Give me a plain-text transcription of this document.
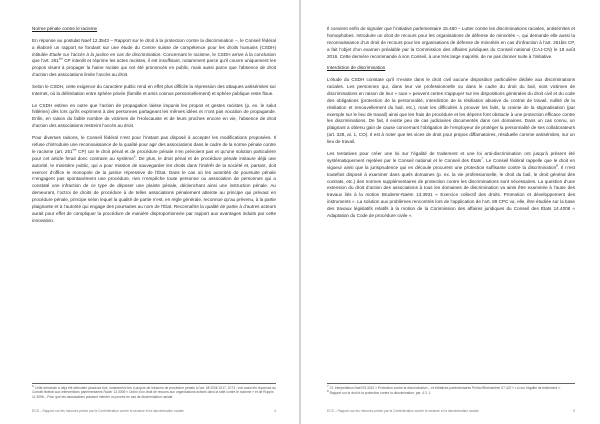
Norme pénale contre le racisme

En réponse au postulat Naef 12.3543 – Rapport sur le droit à la protection contre la discrimination –, le Conseil fédéral a élaboré un rapport se fondant sur une étude du Centre suisse de compétence pour les droits humains (CSDH) intitulée Etude sur l’accès à la justice en cas de discrimination. Concernant le racisme, le CSDH arrive à la conclusion que l’art. $261^{bis}$ CP interdit et réprime les actes racistes, il est insuffisant, notamment parce qu’il couvre uniquement les propos visant à propager la haine raciale qui ont été prononcés en public, mais aussi parce que l’absence de droit d’action des associations limite l’accès au droit.

Selon le CSDH, cette exigence du caractère public rend en effet plus difficile la répression des attaques antisémites sur Internet, où la délimitation entre sphère privée (famille et amis connus personnellement) et sphère publique reste floue.

Le CSDH estime en outre que l’action de propagation laisse impunis les propos et gestes racistes (p. ex. le salut hitlérien) dès lors qu’ils expriment à des personnes partageant les mêmes idées et n’ont pas vocation de propagande. Enfin, en raison du faible nombre de victimes de l’Holocauste et de leurs proches encore en vie, l’absence de droit d’action des associations restreint l’accès au droit.

Pour diverses raisons, le Conseil fédéral n’est pour l’instant pas disposé à accepter les modifications proposées. Il refuse d’introduire une reconnaissance de la qualité pour agir des associations dans le cadre de la norme pénale contre le racisme (art. $261^{bis}$ CP) car le droit pénal et de procédure pénale n’en prévoient pas et qu’une solution particulière pour cet article ferait donc contraire au système$^6$. De plus, le droit pénal et de procédure pénale instaure déjà une autorité, le ministère public, qui a pour mission de sauvegarder les droits dans l’intérêt de la société et, partant, doit exercer d’office le monopole de la justice répressive de l’État. Dans le cas où les autorités de poursuite pénale n’engagent pas spontanément une procédure, rien n’empêche toute personne ou association de personnes qui a constaté une infraction de ce type de déposer une plainte pénale, déclenchant ainsi une instruction pénale. Au demeurant, l’octroi de droits de procédure à de telles associations pénalement atteinte au principe qui prévaut en procédure pénale, principe selon lequel la qualité de partie n’est, en règle générale, reconnue qu’au prévenu, à la partie plaignante et à l’autorité qui engage des poursuites au nom de l’État. Reconnaître la qualité de partie à d’autres acteurs aurait pour effet de compliquer la procédure de manière disproportionnée par rapport aux avantages induits par cette innovation.

$^6$ Cette demande a déjà été déboutée plusieurs fois, notamment lors à propos de mesures de procédure pénale à l’art. 4ff 2006 1017, 1073 ; voir aussi les réponses du Conseil fédéral aux interventions parlementaires Ruder 13.3006 « Octroi d’un droit de recours aux organisations actives dans la lutte contre le racisme » et de Ruppin 11.3096 – Pour que les associations puissent intenter un procès en cas de discrimination raciale.

ECS – Rapport sur les mesures prises par la Confédération contre le racisme et la discrimination raciale	4

Il convient enfin de signaler que l’initiative parlementaire 15.460 – Lutter contre les discriminations raciales, antisémites et homophobes. Introduire un droit de recours pour les organisations de défense de minorités –, qui demande elle aussi la reconnaissance d’un droit de recours pour les organisations de défense de minorités en cas d’infraction à l’art. 261bis CP, a fait l’objet d’un examen préalable par la Commission des affaires juridiques du Conseil national (CAJ-CN) le 18 août 2016. Cette dernière recommande à son Conseil, à une très large majorité, de ne pas donner suite à l’initiative.

Interdiction de discrimination

L’étude du CSDH constate qu’il n’existe dans le droit civil aucune disposition particulière dédiée aux discriminations raciales. Les personnes qui, dans leur vie professionnelle ou dans le cadre du droit du bail, sont victimes de discriminations en raison de leur « race » peuvent certes s’appuyer sur les dispositions générales du droit civil et du code des obligations (protection de la personnalité, interdiction de la résiliation abusive du contrat de travail, nullité de la résiliation et renouvellement du bail, etc.), mais les difficultés à prouver les faits, la crainte de la stigmatisation (par exemple sur le lieu de travail) ainsi que les frais de procédure et les dépens font obstacle à une protection efficace contre les discriminations. De fait, il existe peu de cas judiciaires documentés dans ces domaines. Dans un cas connu, un plaignant a obtenu gain de cause concernant l’obligation de l’employeur de protéger la personnalité de ses collaborateurs (art. 328, al. 1, CO). Il est à noter que les vices de droit pour propos diffamatoires, résiduelle comme antisémites, sur un lieu de travail.

Les tentatives pour créer une loi sur l’égalité de traitement et une loi anti-discrimination ont jusqu’à présent été systématiquement rejetées par le Conseil national et le Conseil des États$^7$. Le Conseil fédéral rappelle que le droit en vigueur ainsi que la jurisprudence qui en découle procurent une protection suffisante contre la discrimination$^8$. Il n’est toutefois disposé à examiner dans quels domaines (p. ex. la vie professionnelle, le droit du bail, le droit général des contrats, etc.) des normes supplémentaires de protection contre les discriminations sont nécessaires. La question d’une extension du droit d’action des associations à tous les domaines de discrimination va ainsi être examinée à l’aune des travaux liés à la motion Bruderer-Naëm 13.3931 « Exercice collectif des droits. Promotion et développement des instruments ». La solution aux problèmes rencontrés lors de l’application de l’art. 89 CPC va, elle, être étudiée sur la base des travaux législatifs relatifs à la motion de la Commission des affaires juridiques du Conseil des États 14.4008 « Adaptation du Code de procédure civile ».

$^7$ Cf. Interpellation Naef 09.3242 « Protection contre la discrimination – et initiatives parlementaires Prelicz/Rechsteiner 07.422 « Loi sur l’égalité de traitement ».

$^8$ Rapport sur le droit à la protection contre la discrimination, par. 4.3. 1.

ECS – Rapport sur les mesures prises par la Confédération contre le racisme et la discrimination raciale	5
